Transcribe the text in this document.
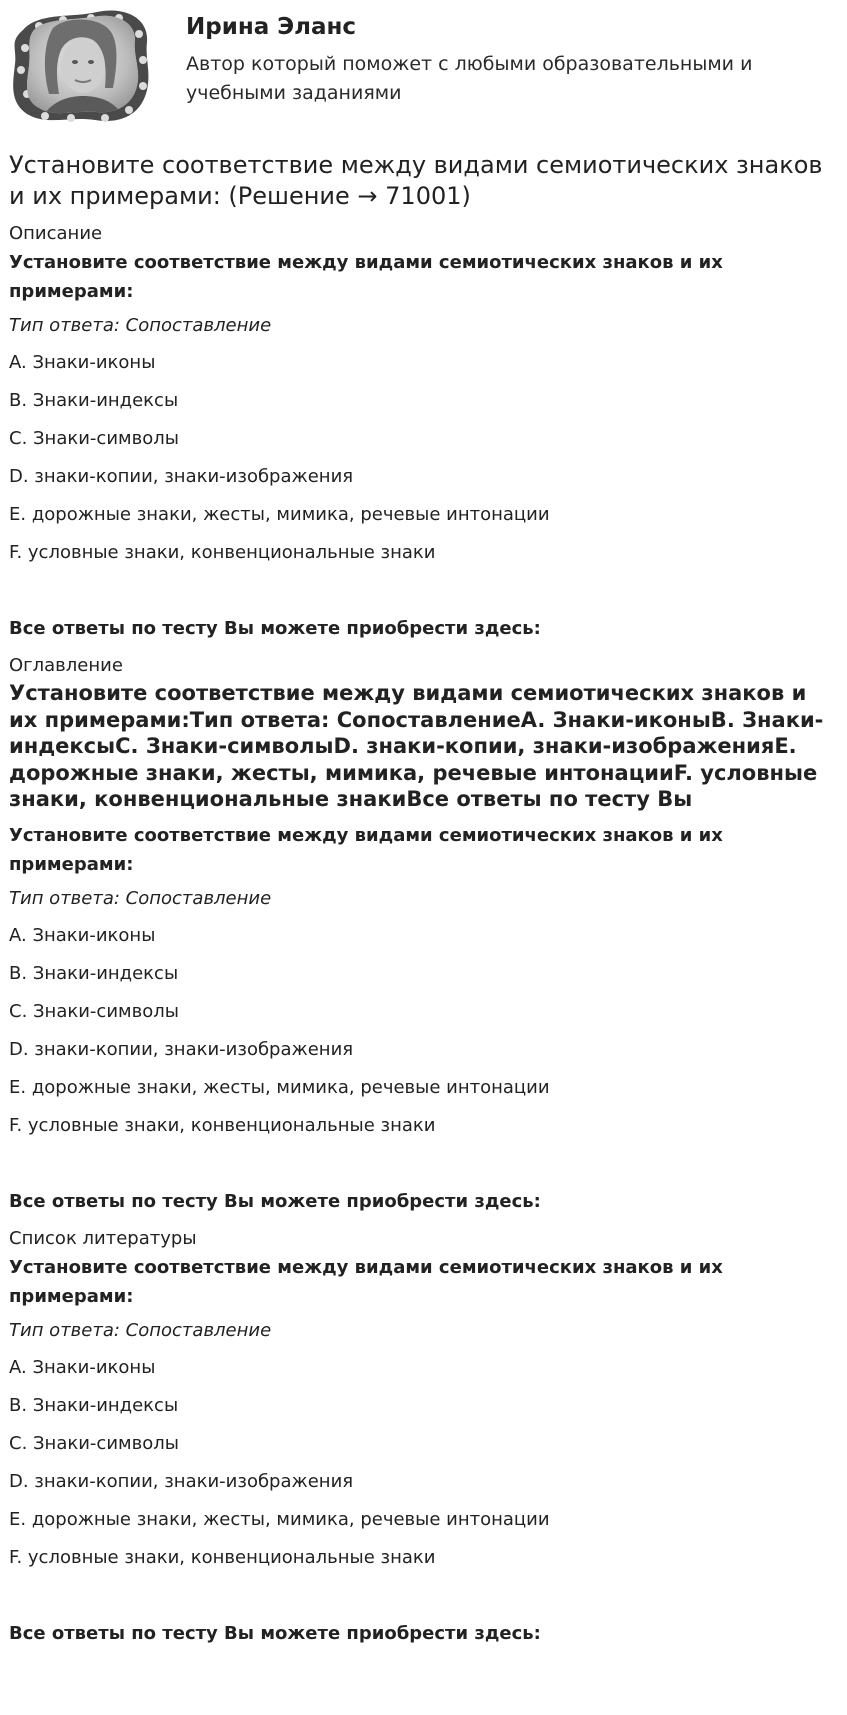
Ирина Эланс
Автор который поможет с любыми образовательными и учебными заданиями
Установите соответствие между видами семиотических знаков и их примерами: (Решение → 71001)
Описание
Установите соответствие между видами семиотических знаков и их примерами:
Тип ответа: Сопоставление
A. Знаки-иконы
B. Знаки-индексы
C. Знаки-символы
D. знаки-копии, знаки-изображения
E. дорожные знаки, жесты, мимика, речевые интонации
F. условные знаки, конвенциональные знаки
Все ответы по тесту Вы можете приобрести здесь:
Оглавление
Установите соответствие между видами семиотических знаков и их примерами:Тип ответа: СопоставлениеA. Знаки-иконыB. Знаки-индексыC. Знаки-символыD. знаки-копии, знаки-изображенияE. дорожные знаки, жесты, мимика, речевые интонацииF. условные знаки, конвенциональные знакиВсе ответы по тесту Вы
Установите соответствие между видами семиотических знаков и их примерами:
Тип ответа: Сопоставление
A. Знаки-иконы
B. Знаки-индексы
C. Знаки-символы
D. знаки-копии, знаки-изображения
E. дорожные знаки, жесты, мимика, речевые интонации
F. условные знаки, конвенциональные знаки
Все ответы по тесту Вы можете приобрести здесь:
Список литературы
Установите соответствие между видами семиотических знаков и их примерами:
Тип ответа: Сопоставление
A. Знаки-иконы
B. Знаки-индексы
C. Знаки-символы
D. знаки-копии, знаки-изображения
E. дорожные знаки, жесты, мимика, речевые интонации
F. условные знаки, конвенциональные знаки
Все ответы по тесту Вы можете приобрести здесь:
